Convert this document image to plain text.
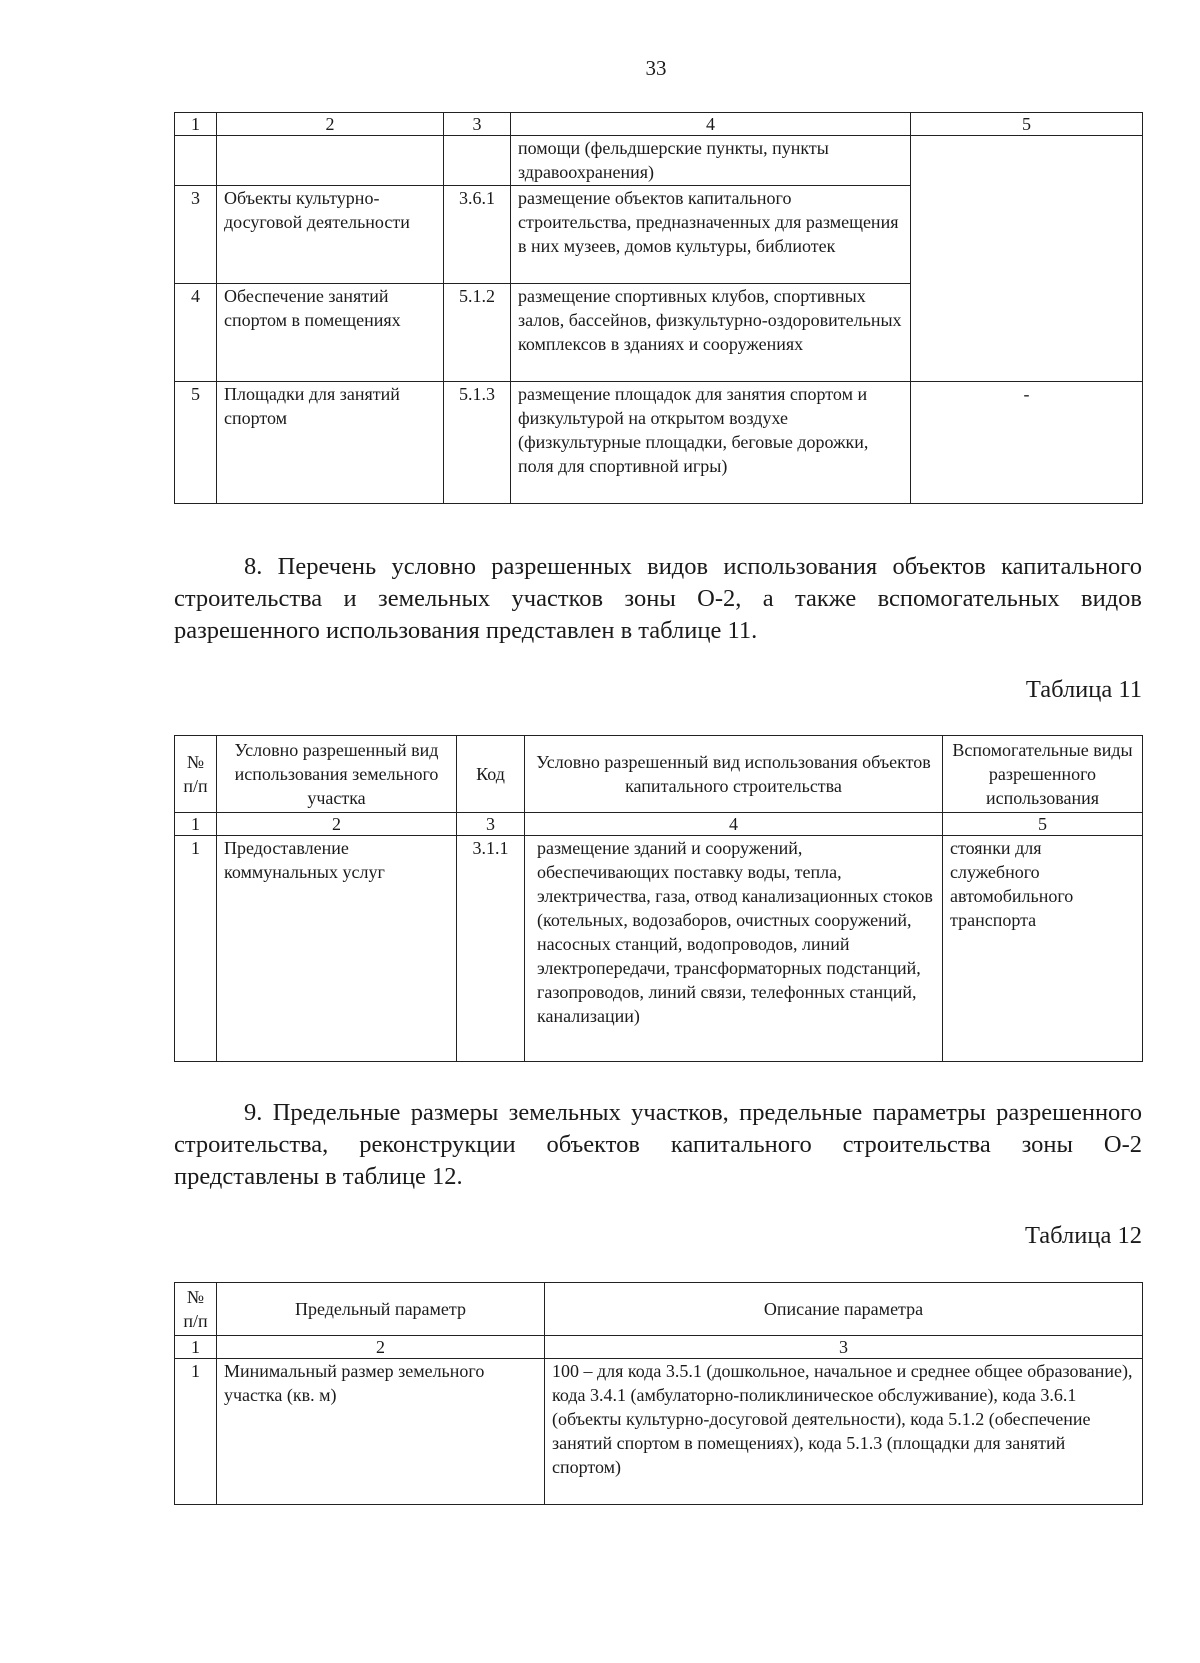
33
1	2	3	4	5
			помощи (фельдшерские пункты, пункты здравоохранения)	
3	Объекты культурно-досуговой деятельности	3.6.1	размещение объектов капитального строительства, предназначенных для размещения в них музеев, домов культуры, библиотек	
4	Обеспечение занятий спортом в помещениях	5.1.2	размещение спортивных клубов, спортивных залов, бассейнов, физкультурно-оздоровительных комплексов в зданиях и сооружениях	
5	Площадки для занятий спортом	5.1.3	размещение площадок для занятия спортом и физкультурой на открытом воздухе (физкультурные площадки, беговые дорожки, поля для спортивной игры)	-

8. Перечень условно разрешенных видов использования объектов капитального строительства и земельных участков зоны О-2, а также вспомогательных видов разрешенного использования представлен в таблице 11.

Таблица 11

№ п/п	Условно разрешенный вид использования земельного участка	Код	Условно разрешенный вид использования объектов капитального строительства	Вспомогательные виды разрешенного использования
1	2	3	4	5
1	Предоставление коммунальных услуг	3.1.1	размещение зданий и сооружений, обеспечивающих поставку воды, тепла, электричества, газа, отвод канализационных стоков (котельных, водозаборов, очистных сооружений, насосных станций, водопроводов, линий электропередачи, трансформаторных подстанций, газопроводов, линий связи, телефонных станций, канализации)	стоянки для служебного автомобильного транспорта

9. Предельные размеры земельных участков, предельные параметры разрешенного строительства, реконструкции объектов капитального строительства зоны О-2 представлены в таблице 12.

Таблица 12

№ п/п	Предельный параметр	Описание параметра
1	2	3
1	Минимальный размер земельного участка (кв. м)	100 – для кода 3.5.1 (дошкольное, начальное и среднее общее образование), кода 3.4.1 (амбулаторно-поликлиническое обслуживание), кода 3.6.1 (объекты культурно-досуговой деятельности), кода 5.1.2 (обеспечение занятий спортом в помещениях), кода 5.1.3 (площадки для занятий спортом)
